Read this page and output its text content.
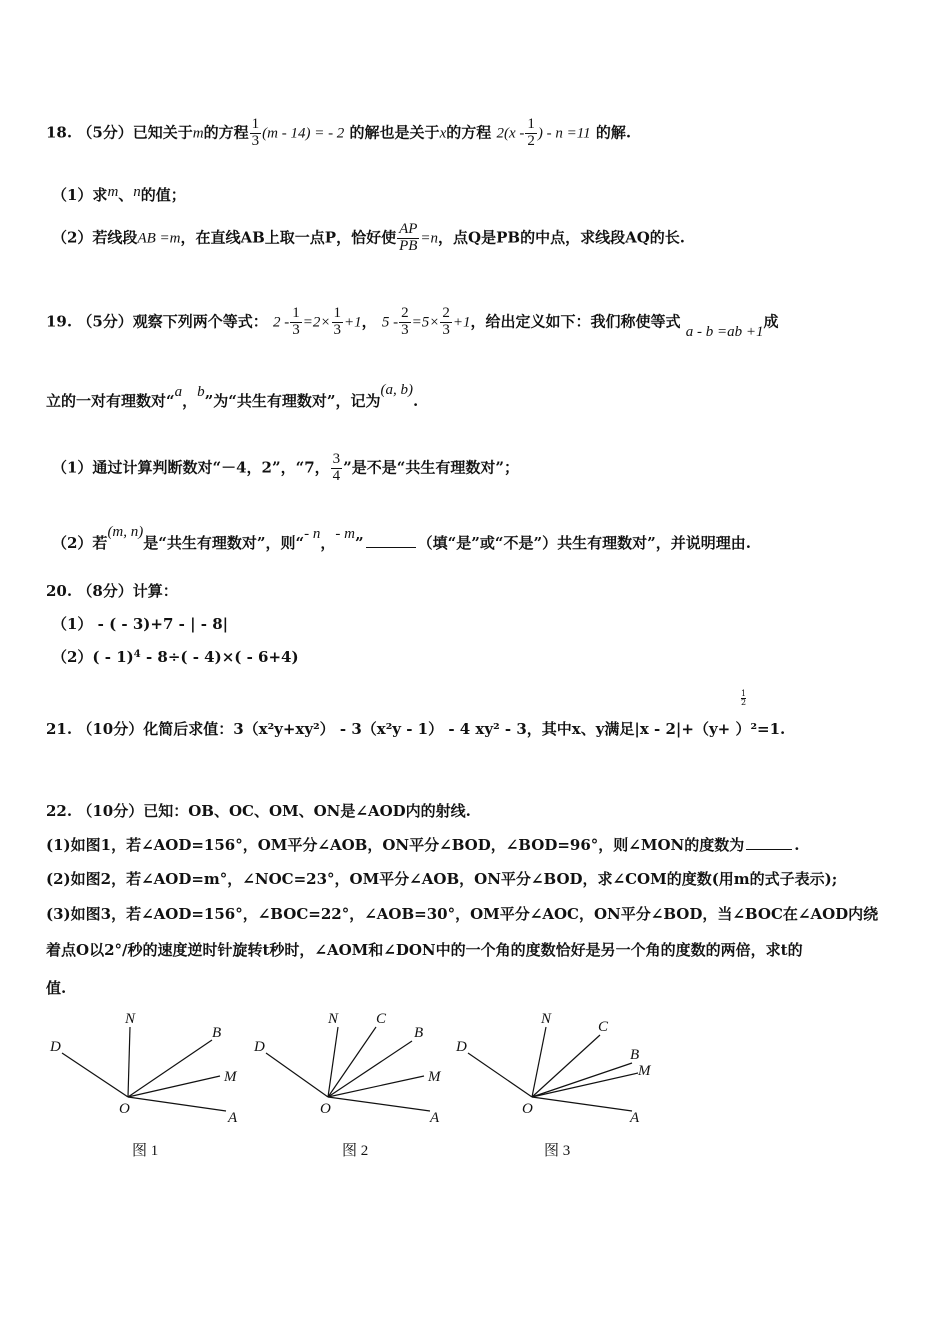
18. （5分）已知关于m的方程 $\frac{1}{3} (m - 14)$ = - 2 的解也是关于x的方程 $2(x - \frac{1}{2}$ ) - n =11 的解.
（1）求m、n的值；
（2）若线段AB =m，在直线AB上取一点P，恰好使 $\frac{AP}{PB} =n$，点Q是PB的中点，求线段AQ的长.
19. （5分）观察下列两个等式： $2 - \frac{1}{3} =2\times \frac{1}{3} +1$， $5 - \frac{2}{3} =5\times \frac{2}{3} +1$，给出定义如下：我们称使等式 a - b =ab +1成
立的一对有理数对“a，b”为“共生有理数对”，记为(a, b).
（1）通过计算判断数对“－4，2”，“7， $\frac{3}{4}$ ”是不是“共生有理数对”；
（2）若(m, n)是“共生有理数对”，则“- n，- m”	（填“是”或“不是”）共生有理数对”，并说明理由.
20. （8分）计算：
（1） - ( - 3)+7 - | - 8|
（2）( - 1)$^4$ - 8÷( - 4)×( - 6+4)
21. （10分）化简后求值：3（x²y+xy²） - 3（x²y - 1） - 4 xy² - 3，其中x、y满足|x - 2|+（y+ ）²=1.
$\frac{1}{2}$
22. （10分）已知：OB、OC、OM、ON是∠AOD内的射线.
(1)如图1，若∠AOD=156°，OM平分∠AOB，ON平分∠BOD，∠BOD=96°，则∠MON的度数为	.
(2)如图2，若∠AOD=m°，∠NOC=23°，OM平分∠AOB，ON平分∠BOD，求∠COM的度数(用m的式子表示);
(3)如图3，若∠AOD=156°，∠BOC=22°，∠AOB=30°，OM平分∠AOC，ON平分∠BOD，当∠BOC在∠AOD内绕
着点O以2°/秒的速度逆时针旋转t秒时，∠AOM和∠DON中的一个角的度数恰好是另一个角的度数的两倍，求t的
值.
D
N
B
M
O
A
图 1
D
N	C
B
M
O
A
图 2
D
N	C
B
M
O
A
图 3
